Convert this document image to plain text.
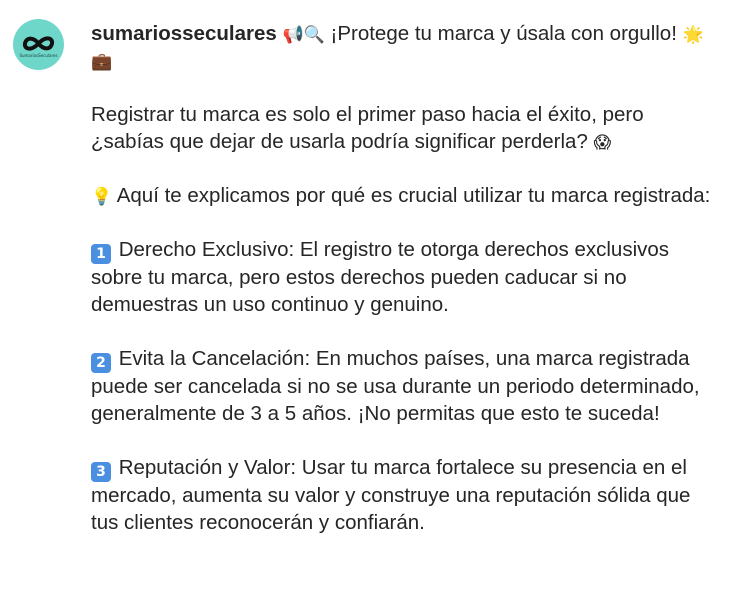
SumariosSeculares

sumariosseculares 📢🔍 ¡Protege tu marca y úsala con orgullo! 🌟💼

Registrar tu marca es solo el primer paso hacia el éxito, pero ¿sabías que dejar de usarla podría significar perderla? 😱

💡 Aquí te explicamos por qué es crucial utilizar tu marca registrada:

1 Derecho Exclusivo: El registro te otorga derechos exclusivos sobre tu marca, pero estos derechos pueden caducar si no demuestras un uso continuo y genuino.

2 Evita la Cancelación: En muchos países, una marca registrada puede ser cancelada si no se usa durante un periodo determinado, generalmente de 3 a 5 años. ¡No permitas que esto te suceda!

3 Reputación y Valor: Usar tu marca fortalece su presencia en el mercado, aumenta su valor y construye una reputación sólida que tus clientes reconocerán y confiarán.
